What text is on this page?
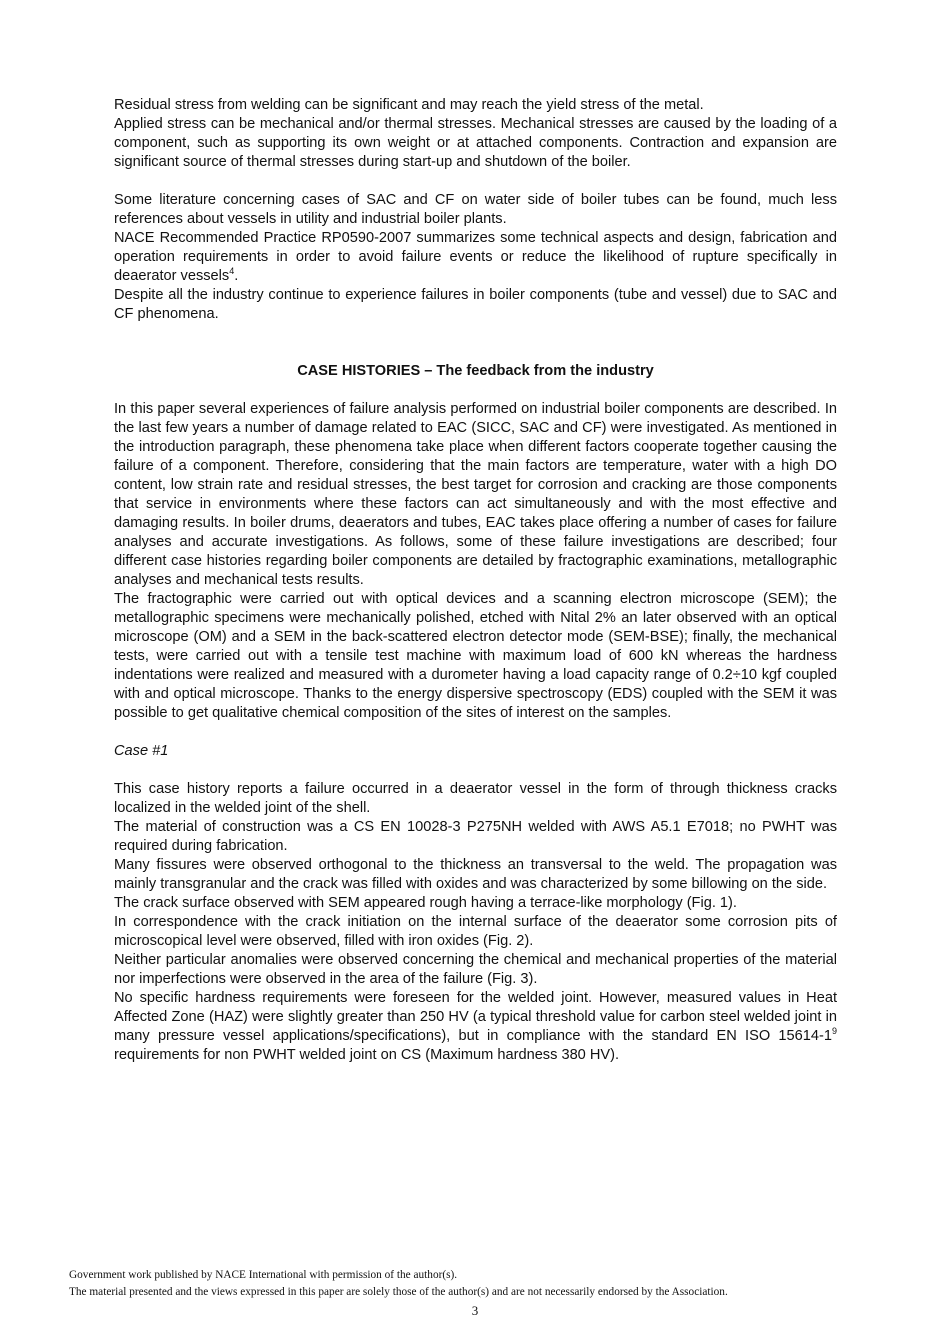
Residual stress from welding can be significant and may reach the yield stress of the metal.

Applied stress can be mechanical and/or thermal stresses. Mechanical stresses are caused by the loading of a component, such as supporting its own weight or at attached components. Contraction and expansion are significant source of thermal stresses during start-up and shutdown of the boiler.

Some literature concerning cases of SAC and CF on water side of boiler tubes can be found, much less references about vessels in utility and industrial boiler plants.

NACE Recommended Practice RP0590-2007 summarizes some technical aspects and design, fabrication and operation requirements in order to avoid failure events or reduce the likelihood of rupture specifically in deaerator vessels$^4$.

Despite all the industry continue to experience failures in boiler components (tube and vessel) due to SAC and CF phenomena.

CASE HISTORIES – The feedback from the industry

In this paper several experiences of failure analysis performed on industrial boiler components are described. In the last few years a number of damage related to EAC (SICC, SAC and CF) were investigated. As mentioned in the introduction paragraph, these phenomena take place when different factors cooperate together causing the failure of a component. Therefore, considering that the main factors are temperature, water with a high DO content, low strain rate and residual stresses, the best target for corrosion and cracking are those components that service in environments where these factors can act simultaneously and with the most effective and damaging results. In boiler drums, deaerators and tubes, EAC takes place offering a number of cases for failure analyses and accurate investigations. As follows, some of these failure investigations are described; four different case histories regarding boiler components are detailed by fractographic examinations, metallographic analyses and mechanical tests results.

The fractographic were carried out with optical devices and a scanning electron microscope (SEM); the metallographic specimens were mechanically polished, etched with Nital 2% an later observed with an optical microscope (OM) and a SEM in the back-scattered electron detector mode (SEM-BSE); finally, the mechanical tests, were carried out with a tensile test machine with maximum load of 600 kN whereas the hardness indentations were realized and measured with a durometer having a load capacity range of 0.2÷10 kgf coupled with and optical microscope. Thanks to the energy dispersive spectroscopy (EDS) coupled with the SEM it was possible to get qualitative chemical composition of the sites of interest on the samples.

Case #1

This case history reports a failure occurred in a deaerator vessel in the form of through thickness cracks localized in the welded joint of the shell.

The material of construction was a CS EN 10028-3 P275NH welded with AWS A5.1 E7018; no PWHT was required during fabrication.

Many fissures were observed orthogonal to the thickness an transversal to the weld. The propagation was mainly transgranular and the crack was filled with oxides and was characterized by some billowing on the side.

The crack surface observed with SEM appeared rough having a terrace-like morphology (Fig. 1).

In correspondence with the crack initiation on the internal surface of the deaerator some corrosion pits of microscopical level were observed, filled with iron oxides (Fig. 2).

Neither particular anomalies were observed concerning the chemical and mechanical properties of the material nor imperfections were observed in the area of the failure (Fig. 3).

No specific hardness requirements were foreseen for the welded joint. However, measured values in Heat Affected Zone (HAZ) were slightly greater than 250 HV (a typical threshold value for carbon steel welded joint in many pressure vessel applications/specifications), but in compliance with the standard EN ISO $15614-1^9$ requirements for non PWHT welded joint on CS (Maximum hardness 380 HV).

Government work published by NACE International with permission of the author(s).

The material presented and the views expressed in this paper are solely those of the author(s) and are not necessarily endorsed by the Association.

3
